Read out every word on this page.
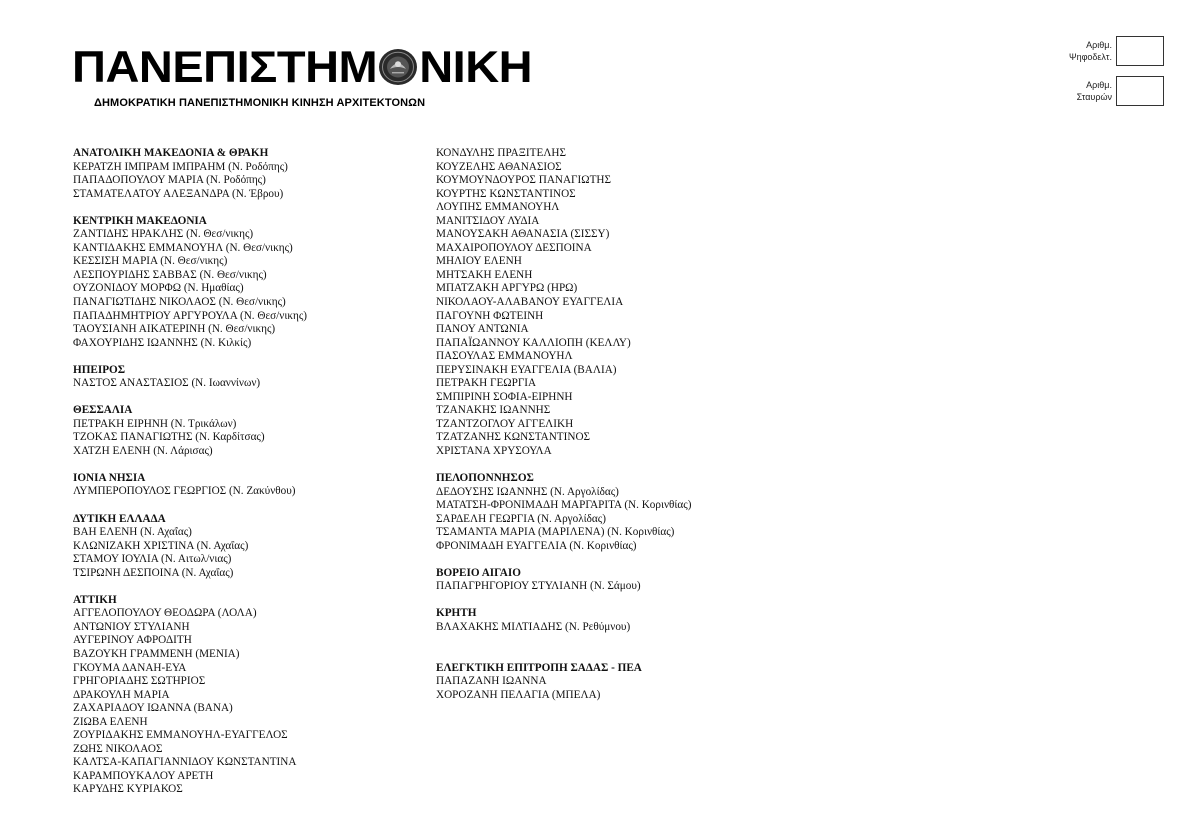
ΠΑΝΕΠΙΣΤΗΜ ΝΙΚΗ
ΔΗΜΟΚΡΑΤΙΚΗ ΠΑΝΕΠΙΣΤΗΜΟΝΙΚΗ ΚΙΝΗΣΗ ΑΡΧΙΤΕΚΤΟΝΩΝ
Αριθμ.
Ψηφοδελτ.
Αριθμ.
Σταυρών
ΑΝΑΤΟΛΙΚΗ ΜΑΚΕΔΟΝΙΑ & ΘΡΑΚΗ
ΚΕΡΑΤΖΗ ΙΜΠΡΑΜ ΙΜΠΡΑΗΜ (Ν. Ροδόπης)
ΠΑΠΑΔΟΠΟΥΛΟΥ ΜΑΡΙΑ (Ν. Ροδόπης)
ΣΤΑΜΑΤΕΛΑΤΟΥ ΑΛΕΞΑΝΔΡΑ (Ν. Έβρου)
ΚΕΝΤΡΙΚΗ ΜΑΚΕΔΟΝΙΑ
ΖΑΝΤΙΔΗΣ ΗΡΑΚΛΗΣ (Ν. Θεσ/νικης)
ΚΑΝΤΙΔΑΚΗΣ ΕΜΜΑΝΟΥΗΛ (Ν. Θεσ/νικης)
ΚΕΣΣΙΣΗ ΜΑΡΙΑ (Ν. Θεσ/νικης)
ΛΕΣΠΟΥΡΙΔΗΣ ΣΑΒΒΑΣ (Ν. Θεσ/νικης)
ΟΥΖΟΝΙΔΟΥ ΜΟΡΦΩ (Ν. Ημαθίας)
ΠΑΝΑΓΙΩΤΙΔΗΣ ΝΙΚΟΛΑΟΣ (Ν. Θεσ/νικης)
ΠΑΠΑΔΗΜΗΤΡΙΟΥ ΑΡΓΥΡΟΥΛΑ (Ν. Θεσ/νικης)
ΤΑΟΥΣΙΑΝΗ ΑΙΚΑΤΕΡΙΝΗ (Ν. Θεσ/νικης)
ΦΑΧΟΥΡΙΔΗΣ ΙΩΑΝΝΗΣ (Ν. Κιλκίς)
ΗΠΕΙΡΟΣ
ΝΑΣΤΟΣ ΑΝΑΣΤΑΣΙΟΣ (Ν. Ιωαννίνων)
ΘΕΣΣΑΛΙΑ
ΠΕΤΡΑΚΗ ΕΙΡΗΝΗ (Ν. Τρικάλων)
ΤΖΟΚΑΣ ΠΑΝΑΓΙΩΤΗΣ (Ν. Καρδίτσας)
ΧΑΤΖΗ ΕΛΕΝΗ (Ν. Λάρισας)
ΙΟΝΙΑ ΝΗΣΙΑ
ΛΥΜΠΕΡΟΠΟΥΛΟΣ ΓΕΩΡΓΙΟΣ (Ν. Ζακύνθου)
ΔΥΤΙΚΗ ΕΛΛΑΔΑ
ΒΑΗ ΕΛΕΝΗ (Ν. Αχαΐας)
ΚΛΩΝΙΖΑΚΗ ΧΡΙΣΤΙΝΑ (Ν. Αχαΐας)
ΣΤΑΜΟΥ ΙΟΥΛΙΑ (Ν. Αιτωλ/νιας)
ΤΣΙΡΩΝΗ ΔΕΣΠΟΙΝΑ (Ν. Αχαΐας)
ΑΤΤΙΚΗ
ΑΓΓΕΛΟΠΟΥΛΟΥ ΘΕΟΔΩΡΑ (ΛΟΛΑ)
ΑΝΤΩΝΙΟΥ ΣΤΥΛΙΑΝΗ
ΑΥΓΕΡΙΝΟΥ ΑΦΡΟΔΙΤΗ
ΒΑΖΟΥΚΗ ΓΡΑΜΜΕΝΗ (ΜΕΝΙΑ)
ΓΚΟΥΜΑ ΔΑΝΑΗ-ΕΥΑ
ΓΡΗΓΟΡΙΑΔΗΣ ΣΩΤΗΡΙΟΣ
ΔΡΑΚΟΥΛΗ ΜΑΡΙΑ
ΖΑΧΑΡΙΑΔΟΥ ΙΩΑΝΝΑ (ΒΑΝΑ)
ΖΙΩΒΑ ΕΛΕΝΗ
ΖΟΥΡΙΔΑΚΗΣ ΕΜΜΑΝΟΥΗΛ-ΕΥΑΓΓΕΛΟΣ
ΖΩΗΣ ΝΙΚΟΛΑΟΣ
ΚΑΛΤΣΑ-ΚΑΠΑΓΙΑΝΝΙΔΟΥ ΚΩΝΣΤΑΝΤΙΝΑ
ΚΑΡΑΜΠΟΥΚΑΛΟΥ ΑΡΕΤΗ
ΚΑΡΥΔΗΣ ΚΥΡΙΑΚΟΣ
ΚΟΝΔΥΛΗΣ ΠΡΑΞΙΤΕΛΗΣ
ΚΟΥΖΕΛΗΣ ΑΘΑΝΑΣΙΟΣ
ΚΟΥΜΟΥΝΔΟΥΡΟΣ ΠΑΝΑΓΙΩΤΗΣ
ΚΟΥΡΤΗΣ ΚΩΝΣΤΑΝΤΙΝΟΣ
ΛΟΥΠΗΣ ΕΜΜΑΝΟΥΗΛ
ΜΑΝΙΤΣΙΔΟΥ ΛΥΔΙΑ
ΜΑΝΟΥΣΑΚΗ ΑΘΑΝΑΣΙΑ (ΣΙΣΣΥ)
ΜΑΧΑΙΡΟΠΟΥΛΟΥ ΔΕΣΠΟΙΝΑ
ΜΗΛΙΟΥ ΕΛΕΝΗ
ΜΗΤΣΑΚΗ ΕΛΕΝΗ
ΜΠΑΤΖΑΚΗ ΑΡΓΥΡΩ (ΗΡΩ)
ΝΙΚΟΛΑΟΥ-ΑΛΑΒΑΝΟΥ ΕΥΑΓΓΕΛΙΑ
ΠΑΓΟΥΝΗ ΦΩΤΕΙΝΗ
ΠΑΝΟΥ ΑΝΤΩΝΙΑ
ΠΑΠΑΪΩΑΝΝΟΥ ΚΑΛΛΙΟΠΗ (ΚΕΛΛΥ)
ΠΑΣΟΥΛΑΣ ΕΜΜΑΝΟΥΗΛ
ΠΕΡΥΣΙΝΑΚΗ ΕΥΑΓΓΕΛΙΑ (ΒΑΛΙΑ)
ΠΕΤΡΑΚΗ ΓΕΩΡΓΙΑ
ΣΜΠΙΡΙΝΗ ΣΟΦΙΑ-ΕΙΡΗΝΗ
ΤΖΑΝΑΚΗΣ ΙΩΑΝΝΗΣ
ΤΖΑΝΤΖΟΓΛΟΥ ΑΓΓΕΛΙΚΗ
ΤΖΑΤΖΑΝΗΣ ΚΩΝΣΤΑΝΤΙΝΟΣ
ΧΡΙΣΤΑΝΑ ΧΡΥΣΟΥΛΑ
ΠΕΛΟΠΟΝΝΗΣΟΣ
ΔΕΔΟΥΣΗΣ ΙΩΑΝΝΗΣ (Ν. Αργολίδας)
ΜΑΤΑΤΣΗ-ΦΡΟΝΙΜΑΔΗ ΜΑΡΓΑΡΙΤΑ (Ν. Κορινθίας)
ΣΑΡΔΕΛΗ ΓΕΩΡΓΙΑ (Ν. Αργολίδας)
ΤΣΑΜΑΝΤΑ ΜΑΡΙΑ (ΜΑΡΙΛΕΝΑ) (Ν. Κορινθίας)
ΦΡΟΝΙΜΑΔΗ ΕΥΑΓΓΕΛΙΑ (Ν. Κορινθίας)
ΒΟΡΕΙΟ ΑΙΓΑΙΟ
ΠΑΠΑΓΡΗΓΟΡΙΟΥ ΣΤΥΛΙΑΝΗ (Ν. Σάμου)
ΚΡΗΤΗ
ΒΛΑΧΑΚΗΣ ΜΙΛΤΙΑΔΗΣ (Ν. Ρεθύμνου)
ΕΛΕΓΚΤΙΚΗ ΕΠΙΤΡΟΠΗ ΣΑΔΑΣ - ΠΕΑ
ΠΑΠΑΖΑΝΗ ΙΩΑΝΝΑ
ΧΟΡΟΖΑΝΗ ΠΕΛΑΓΙΑ (ΜΠΕΛΑ)
